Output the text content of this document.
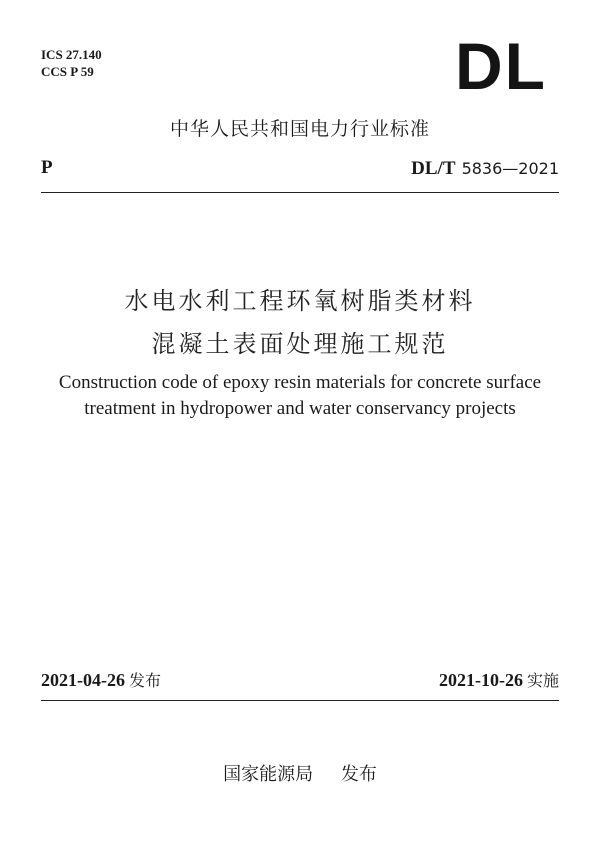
ICS 27.140
CCS P 59	DL
中华人民共和国电力行业标准
P	DL/T 5836—2021
水电水利工程环氧树脂类材料
混凝土表面处理施工规范
Construction code of epoxy resin materials for concrete surface
treatment in hydropower and water conservancy projects
2021-04-26 发布	2021-10-26 实施
国家能源局 发布
